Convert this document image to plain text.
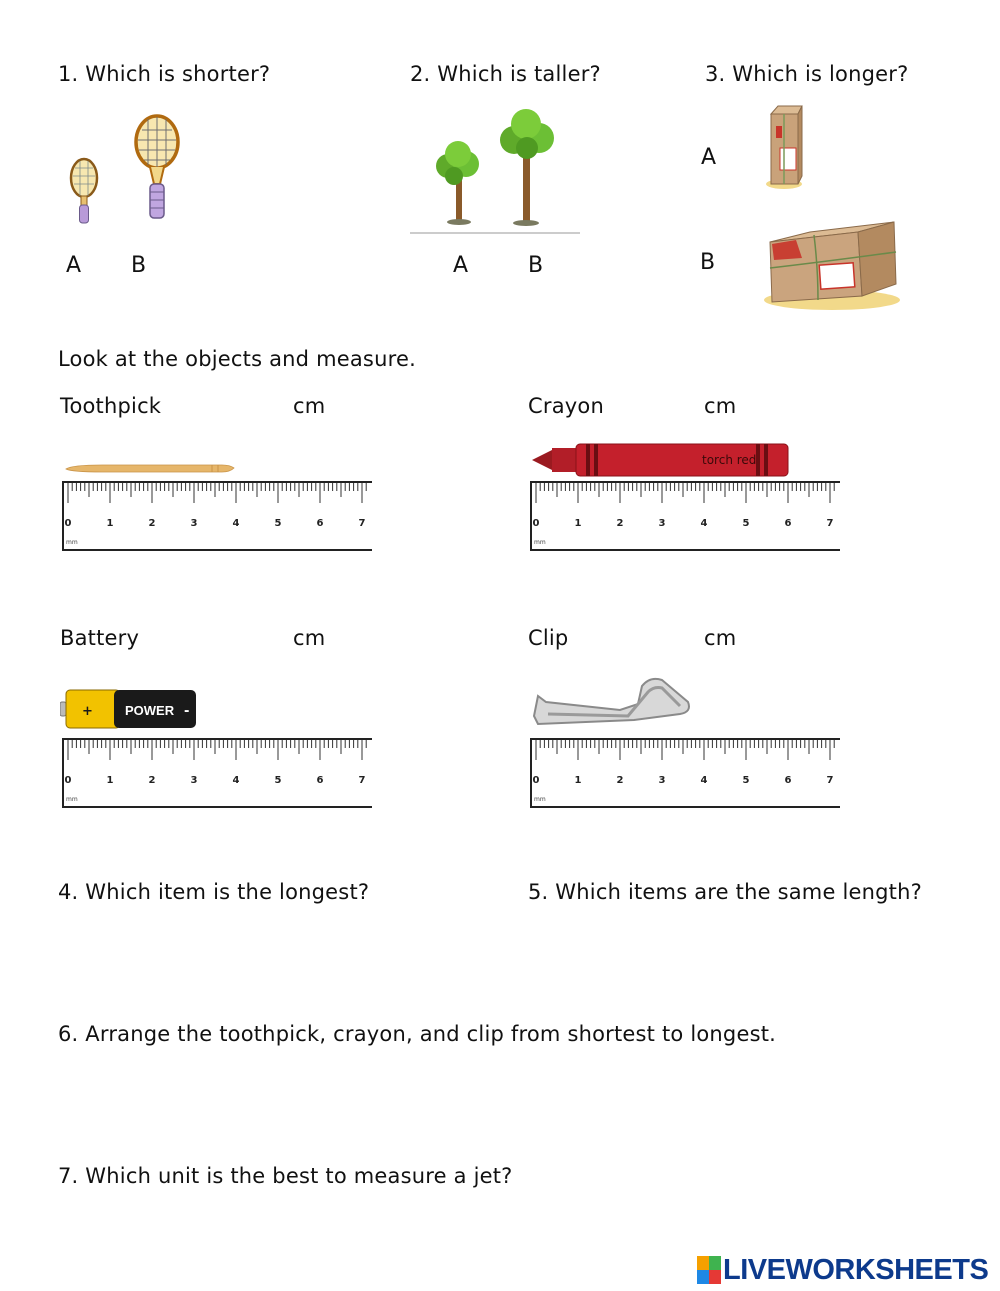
1. Which is shorter?
A B
2. Which is taller?
A	B
3. Which is longer?
A
B
Look at the objects and measure.
Toothpick	cm	Crayon	cm
torch red
0	1	2	3	4	5	6	7
mm
0	1	2	3	4	5	6	7
mm
Battery	cm	Clip	cm
+ POWER -
0	1	2	3	4	5	6	7
mm
0	1	2	3	4	5	6	7
mm
4. Which item is the longest?	5. Which items are the same length?
6. Arrange the toothpick, crayon, and clip from shortest to longest.
7. Which unit is the best to measure a jet?
LIVEWORKSHEETS
